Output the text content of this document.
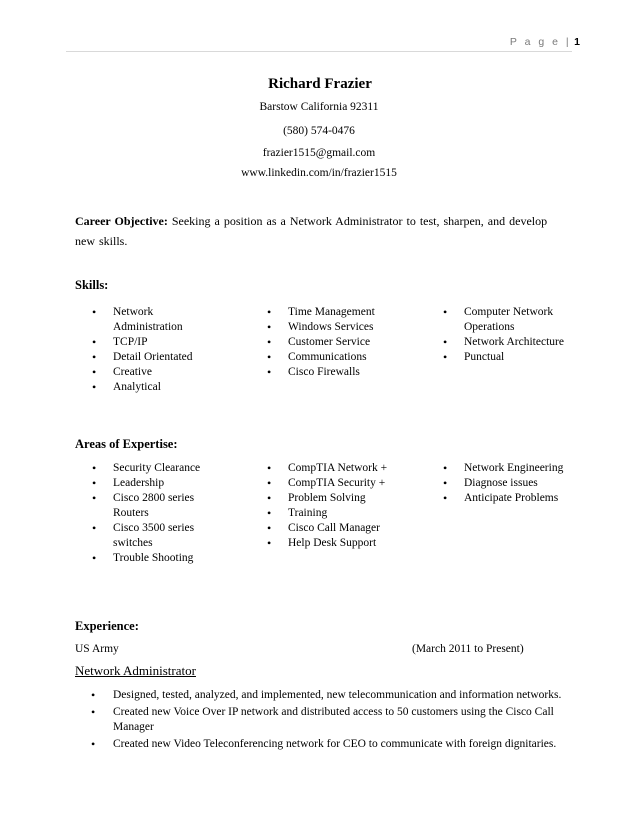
P a g e | 1
Richard Frazier
Barstow California 92311
(580) 574-0476
frazier1515@gmail.com
www.linkedin.com/in/frazier1515
Career Objective: Seeking a position as a Network Administrator to test, sharpen, and develop new skills.
Skills:
• Network Administration
• TCP/IP
• Detail Orientated
• Creative
• Analytical
• Time Management
• Windows Services
• Customer Service
• Communications
• Cisco Firewalls
• Computer Network Operations
• Network Architecture
• Punctual
Areas of Expertise:
• Security Clearance
• Leadership
• Cisco 2800 series Routers
• Cisco 3500 series switches
• Trouble Shooting
• CompTIA Network +
• CompTIA Security +
• Problem Solving
• Training
• Cisco Call Manager
• Help Desk Support
• Network Engineering
• Diagnose issues
• Anticipate Problems
Experience:
US Army	(March 2011 to Present)
Network Administrator
• Designed, tested, analyzed, and implemented, new telecommunication and information networks.
• Created new Voice Over IP network and distributed access to 50 customers using the Cisco Call Manager
• Created new Video Teleconferencing network for CEO to communicate with foreign dignitaries.
